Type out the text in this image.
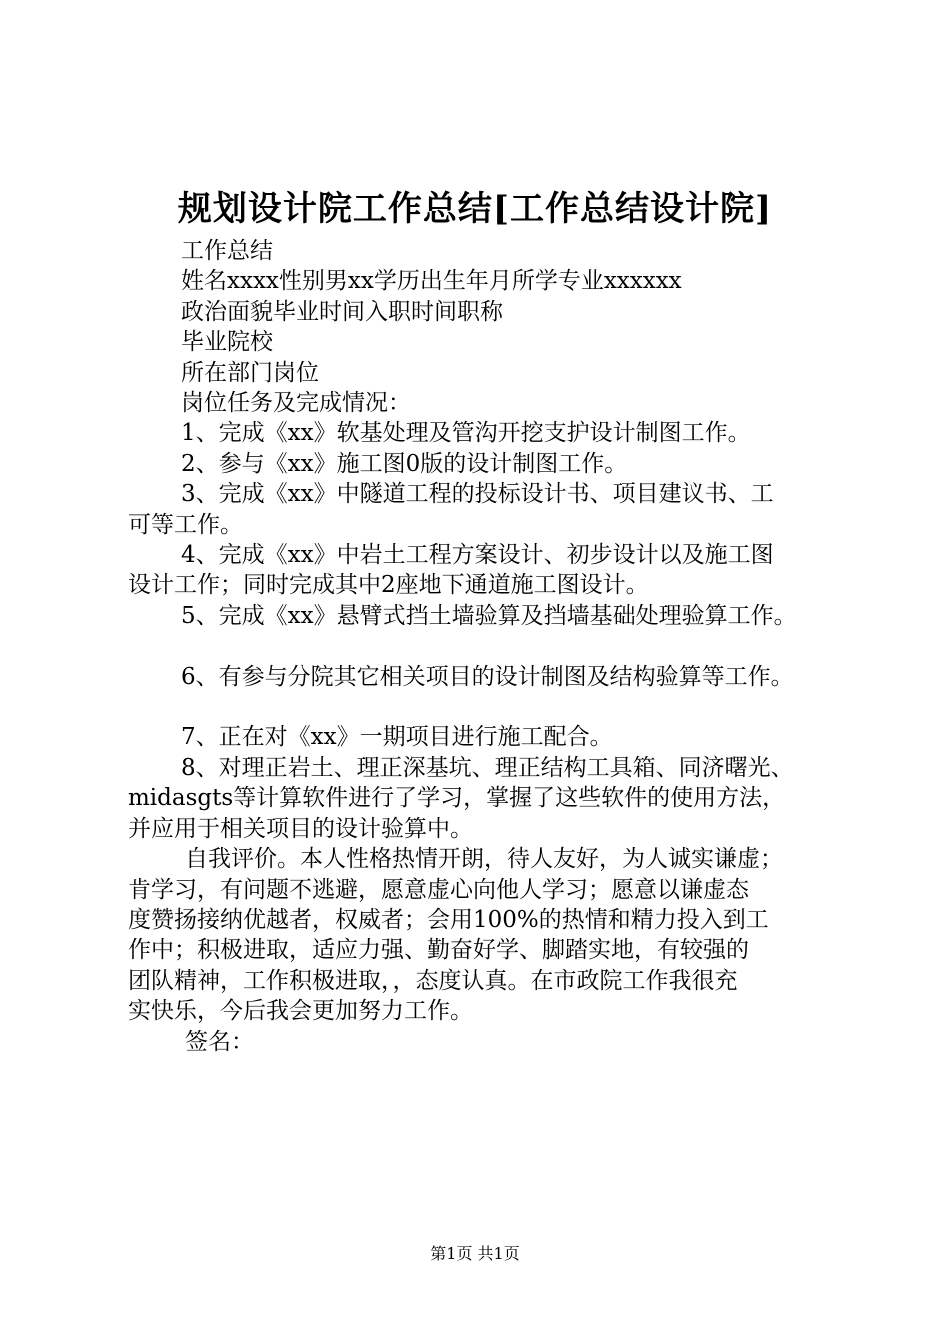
规划设计院工作总结[工作总结设计院]

工作总结

姓名xxxx性别男xx学历出生年月所学专业xxxxxx

政治面貌毕业时间入职时间职称

毕业院校

所在部门岗位

岗位任务及完成情况：

1、完成《xx》软基处理及管沟开挖支护设计制图工作。

2、参与《xx》施工图0版的设计制图工作。

3、完成《xx》中隧道工程的投标设计书、项目建议书、工

可等工作。

4、完成《xx》中岩土工程方案设计、初步设计以及施工图

设计工作；同时完成其中2座地下通道施工图设计。

5、完成《xx》悬臂式挡土墙验算及挡墙基础处理验算工作。

6、有参与分院其它相关项目的设计制图及结构验算等工作。

7、正在对《xx》一期项目进行施工配合。

8、对理正岩土、理正深基坑、理正结构工具箱、同济曙光、

midasgts等计算软件进行了学习，掌握了这些软件的使用方法，

并应用于相关项目的设计验算中。

自我评价。本人性格热情开朗，待人友好，为人诚实谦虚；

肯学习，有问题不逃避，愿意虚心向他人学习；愿意以谦虚态

度赞扬接纳优越者，权威者；会用100%的热情和精力投入到工

作中；积极进取，适应力强、勤奋好学、脚踏实地，有较强的

团队精神，工作积极进取，，态度认真。在市政院工作我很充

实快乐，今后我会更加努力工作。

签名：

第1页 共1页
